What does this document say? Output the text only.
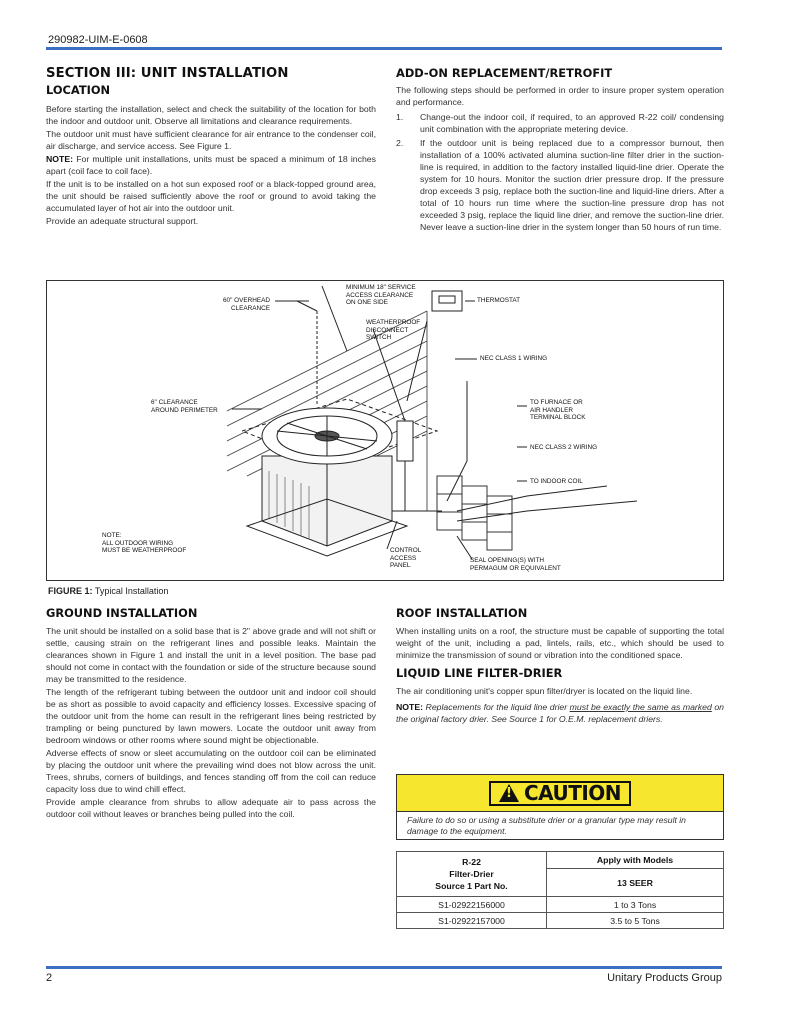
290982-UIM-E-0608
SECTION III: UNIT INSTALLATION
LOCATION

Before starting the installation, select and check the suitability of the location for both the indoor and outdoor unit. Observe all limitations and clearance requirements.

The outdoor unit must have sufficient clearance for air entrance to the condenser coil, air discharge, and service access. See Figure 1.

NOTE: For multiple unit installations, units must be spaced a minimum of 18 inches apart (coil face to coil face).

If the unit is to be installed on a hot sun exposed roof or a black-topped ground area, the unit should be raised sufficiently above the roof or ground to avoid taking the accumulated layer of hot air into the outdoor unit.

Provide an adequate structural support.

ADD-ON REPLACEMENT/RETROFIT

The following steps should be performed in order to insure proper system operation and performance.

1. Change-out the indoor coil, if required, to an approved R-22 coil/ condensing unit combination with the appropriate metering device.
2. If the outdoor unit is being replaced due to a compressor burnout, then installation of a 100% activated alumina suction-line filter drier in the suction-line is required, in addition to the factory installed liquid-line drier. Operate the system for 10 hours. Monitor the suction drier pressure drop. If the pressure drop exceeds 3 psig, replace both the suction-line and liquid-line driers. After a total of 10 hours run time where the suction-line pressure drop has not exceeded 3 psig, replace the liquid line drier, and remove the suction-line drier. Never leave a suction-line drier in the system longer than 50 hours of run time.
60" OVERHEAD
CLEARANCE
MINIMUM 18" SERVICE
ACCESS CLEARANCE
ON ONE SIDE	THERMOSTAT
WEATHERPROOF
DISCONNECT
SWITCH
NEC CLASS 1 WIRING
6" CLEARANCE
AROUND PERIMETER
TO FURNACE OR
AIR HANDLER
TERMINAL BLOCK
NEC CLASS 2 WIRING
TO INDOOR COIL
NOTE:
ALL OUTDOOR WIRING
MUST BE WEATHERPROOF	CONTROL
ACCESS
PANEL
SEAL OPENING(S) WITH
PERMAGUM OR EQUIVALENT
FIGURE 1: Typical Installation
GROUND INSTALLATION

The unit should be installed on a solid base that is 2" above grade and will not shift or settle, causing strain on the refrigerant lines and possible leaks. Maintain the clearances shown in Figure 1 and install the unit in a level position. The base pad should not come in contact with the foundation or side of the structure because sound may be transmitted to the residence.

The length of the refrigerant tubing between the outdoor unit and indoor coil should be as short as possible to avoid capacity and efficiency losses. Excessive spacing of the outdoor unit from the home can result in the refrigerant lines being restricted by trampling or being punctured by lawn mowers. Locate the outdoor unit away from bedroom windows or other rooms where sound might be objectionable.

Adverse effects of snow or sleet accumulating on the outdoor coil can be eliminated by placing the outdoor unit where the prevailing wind does not blow across the unit. Trees, shrubs, corners of buildings, and fences standing off from the coil can reduce capacity loss due to wind chill effect.

Provide ample clearance from shrubs to allow adequate air to pass across the outdoor coil without leaves or branches being pulled into the coil.

ROOF INSTALLATION

When installing units on a roof, the structure must be capable of supporting the total weight of the unit, including a pad, lintels, rails, etc., which should be used to minimize the transmission of sound or vibration into the conditioned space.

LIQUID LINE FILTER-DRIER

The air conditioning unit's copper spun filter/dryer is located on the liquid line.

NOTE: Replacements for the liquid line drier must be exactly the same as marked on the original factory drier. See Source 1 for O.E.M. replacement driers.

! CAUTION
Failure to do so or using a substitute drier or a granular type may result in damage to the equipment.
R-22
Filter-Drier
Source 1 Part No.	Apply with Models
	13 SEER
S1-02922156000	1 to 3 Tons
S1-02922157000	3.5 to 5 Tons
2	Unitary Products Group
